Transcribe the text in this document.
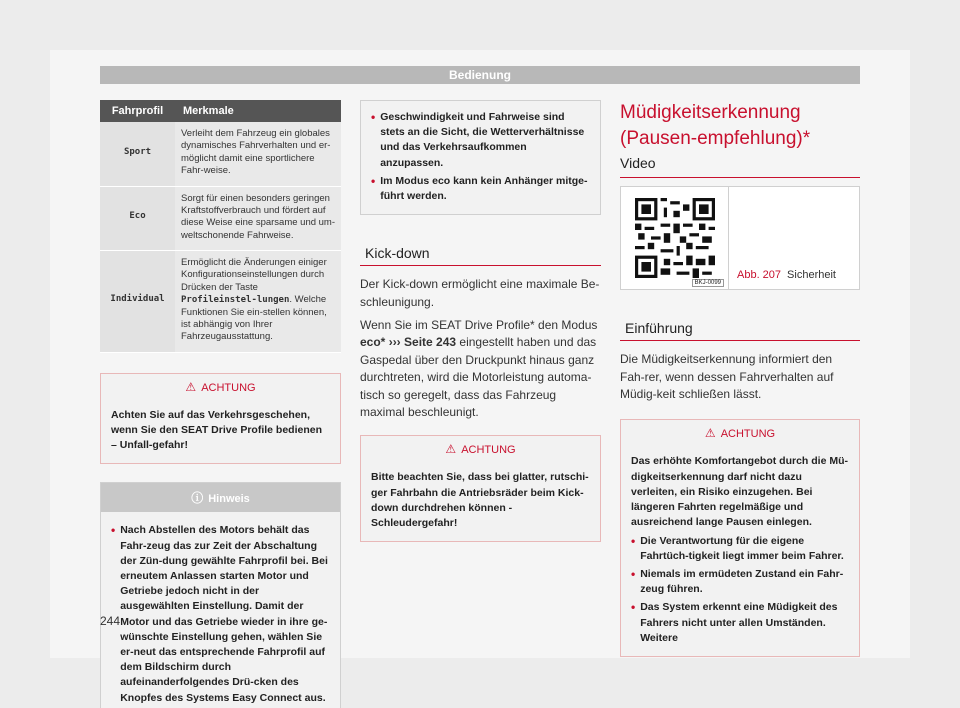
Bedienung
Fahrprofil	Merkmale
Sport	Verleiht dem Fahrzeug ein globales dynamisches Fahrverhalten und er-möglicht damit eine sportlichere Fahr-weise.
Eco	Sorgt für einen besonders geringen Kraftstoffverbrauch und fördert auf diese Weise eine sparsame und um-weltschonende Fahrweise.
Individual	Ermöglicht die Änderungen einiger Konfigurationseinstellungen durch Drücken der Taste Profileinstel-lungen. Welche Funktionen Sie ein-stellen können, ist abhängig von Ihrer Fahrzeugausstattung.
⚠ ACHTUNG
Achten Sie auf das Verkehrsgeschehen, wenn Sie den SEAT Drive Profile bedienen – Unfall-gefahr!
ⓘ Hinweis
• Nach Abstellen des Motors behält das Fahr-zeug das zur Zeit der Abschaltung der Zün-dung gewählte Fahrprofil bei. Bei erneutem Anlassen starten Motor und Getriebe jedoch nicht in der ausgewählten Einstellung. Damit der Motor und das Getriebe wieder in ihre ge-wünschte Einstellung gehen, wählen Sie er-neut das entsprechende Fahrprofil auf dem Bildschirm durch aufeinanderfolgendes Drü-cken des Knopfes des Systems Easy Connect aus.
• Geschwindigkeit und Fahrweise sind stets an die Sicht, die Wetterverhältnisse und das Verkehrsaufkommen anzupassen.
• Im Modus eco kann kein Anhänger mitge-führt werden.
Kick-down

Der Kick-down ermöglicht eine maximale Be-schleunigung.

Wenn Sie im SEAT Drive Profile* den Modus eco* ››› Seite 243 eingestellt haben und das Gaspedal über den Druckpunkt hinaus ganz durchtreten, wird die Motorleistung automa-tisch so geregelt, dass das Fahrzeug maximal beschleunigt.

⚠ ACHTUNG
Bitte beachten Sie, dass bei glatter, rutschi-ger Fahrbahn die Antriebsräder beim Kick-down durchdrehen können - Schleudergefahr!
Müdigkeitserkennung (Pausen-empfehlung)*
Video
BKJ-0099
Abb. 207 Sicherheit
Einführung
Die Müdigkeitserkennung informiert den Fah-rer, wenn dessen Fahrverhalten auf Müdig-keit schließen lässt.
⚠ ACHTUNG

Das erhöhte Komfortangebot durch die Mü-digkeitserkennung darf nicht dazu verleiten, ein Risiko einzugehen. Bei längeren Fahrten regelmäßige und ausreichend lange Pausen einlegen.

• Die Verantwortung für die eigene Fahrtüch-tigkeit liegt immer beim Fahrer.
• Niemals im ermüdeten Zustand ein Fahr-zeug führen.
• Das System erkennt eine Müdigkeit des Fahrers nicht unter allen Umständen. Weitere
244
